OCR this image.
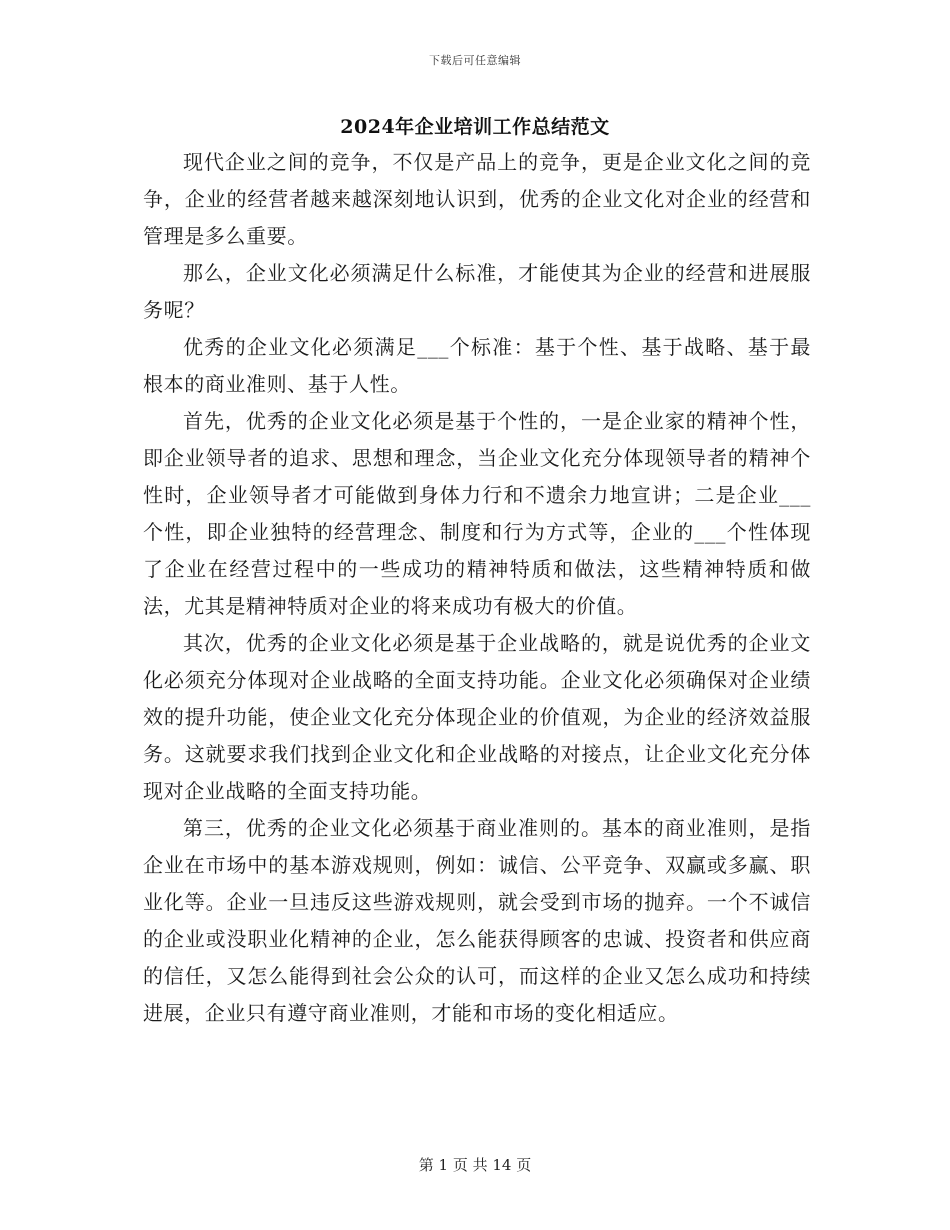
下载后可任意编辑
2024年企业培训工作总结范文

现代企业之间的竞争，不仅是产品上的竞争，更是企业文化之间的竞争，企业的经营者越来越深刻地认识到，优秀的企业文化对企业的经营和管理是多么重要。

那么，企业文化必须满足什么标准，才能使其为企业的经营和进展服务呢？

优秀的企业文化必须满足___个标准：基于个性、基于战略、基于最根本的商业准则、基于人性。

首先，优秀的企业文化必须是基于个性的，一是企业家的精神个性，即企业领导者的追求、思想和理念，当企业文化充分体现领导者的精神个性时，企业领导者才可能做到身体力行和不遗余力地宣讲；二是企业___个性，即企业独特的经营理念、制度和行为方式等，企业的___个性体现了企业在经营过程中的一些成功的精神特质和做法，这些精神特质和做法，尤其是精神特质对企业的将来成功有极大的价值。

其次，优秀的企业文化必须是基于企业战略的，就是说优秀的企业文化必须充分体现对企业战略的全面支持功能。企业文化必须确保对企业绩效的提升功能，使企业文化充分体现企业的价值观，为企业的经济效益服务。这就要求我们找到企业文化和企业战略的对接点，让企业文化充分体现对企业战略的全面支持功能。

第三，优秀的企业文化必须基于商业准则的。基本的商业准则，是指企业在市场中的基本游戏规则，例如：诚信、公平竞争、双赢或多赢、职业化等。企业一旦违反这些游戏规则，就会受到市场的抛弃。一个不诚信的企业或没职业化精神的企业，怎么能获得顾客的忠诚、投资者和供应商的信任，又怎么能得到社会公众的认可，而这样的企业又怎么成功和持续进展，企业只有遵守商业准则，才能和市场的变化相适应。

第 1 页 共 14 页
